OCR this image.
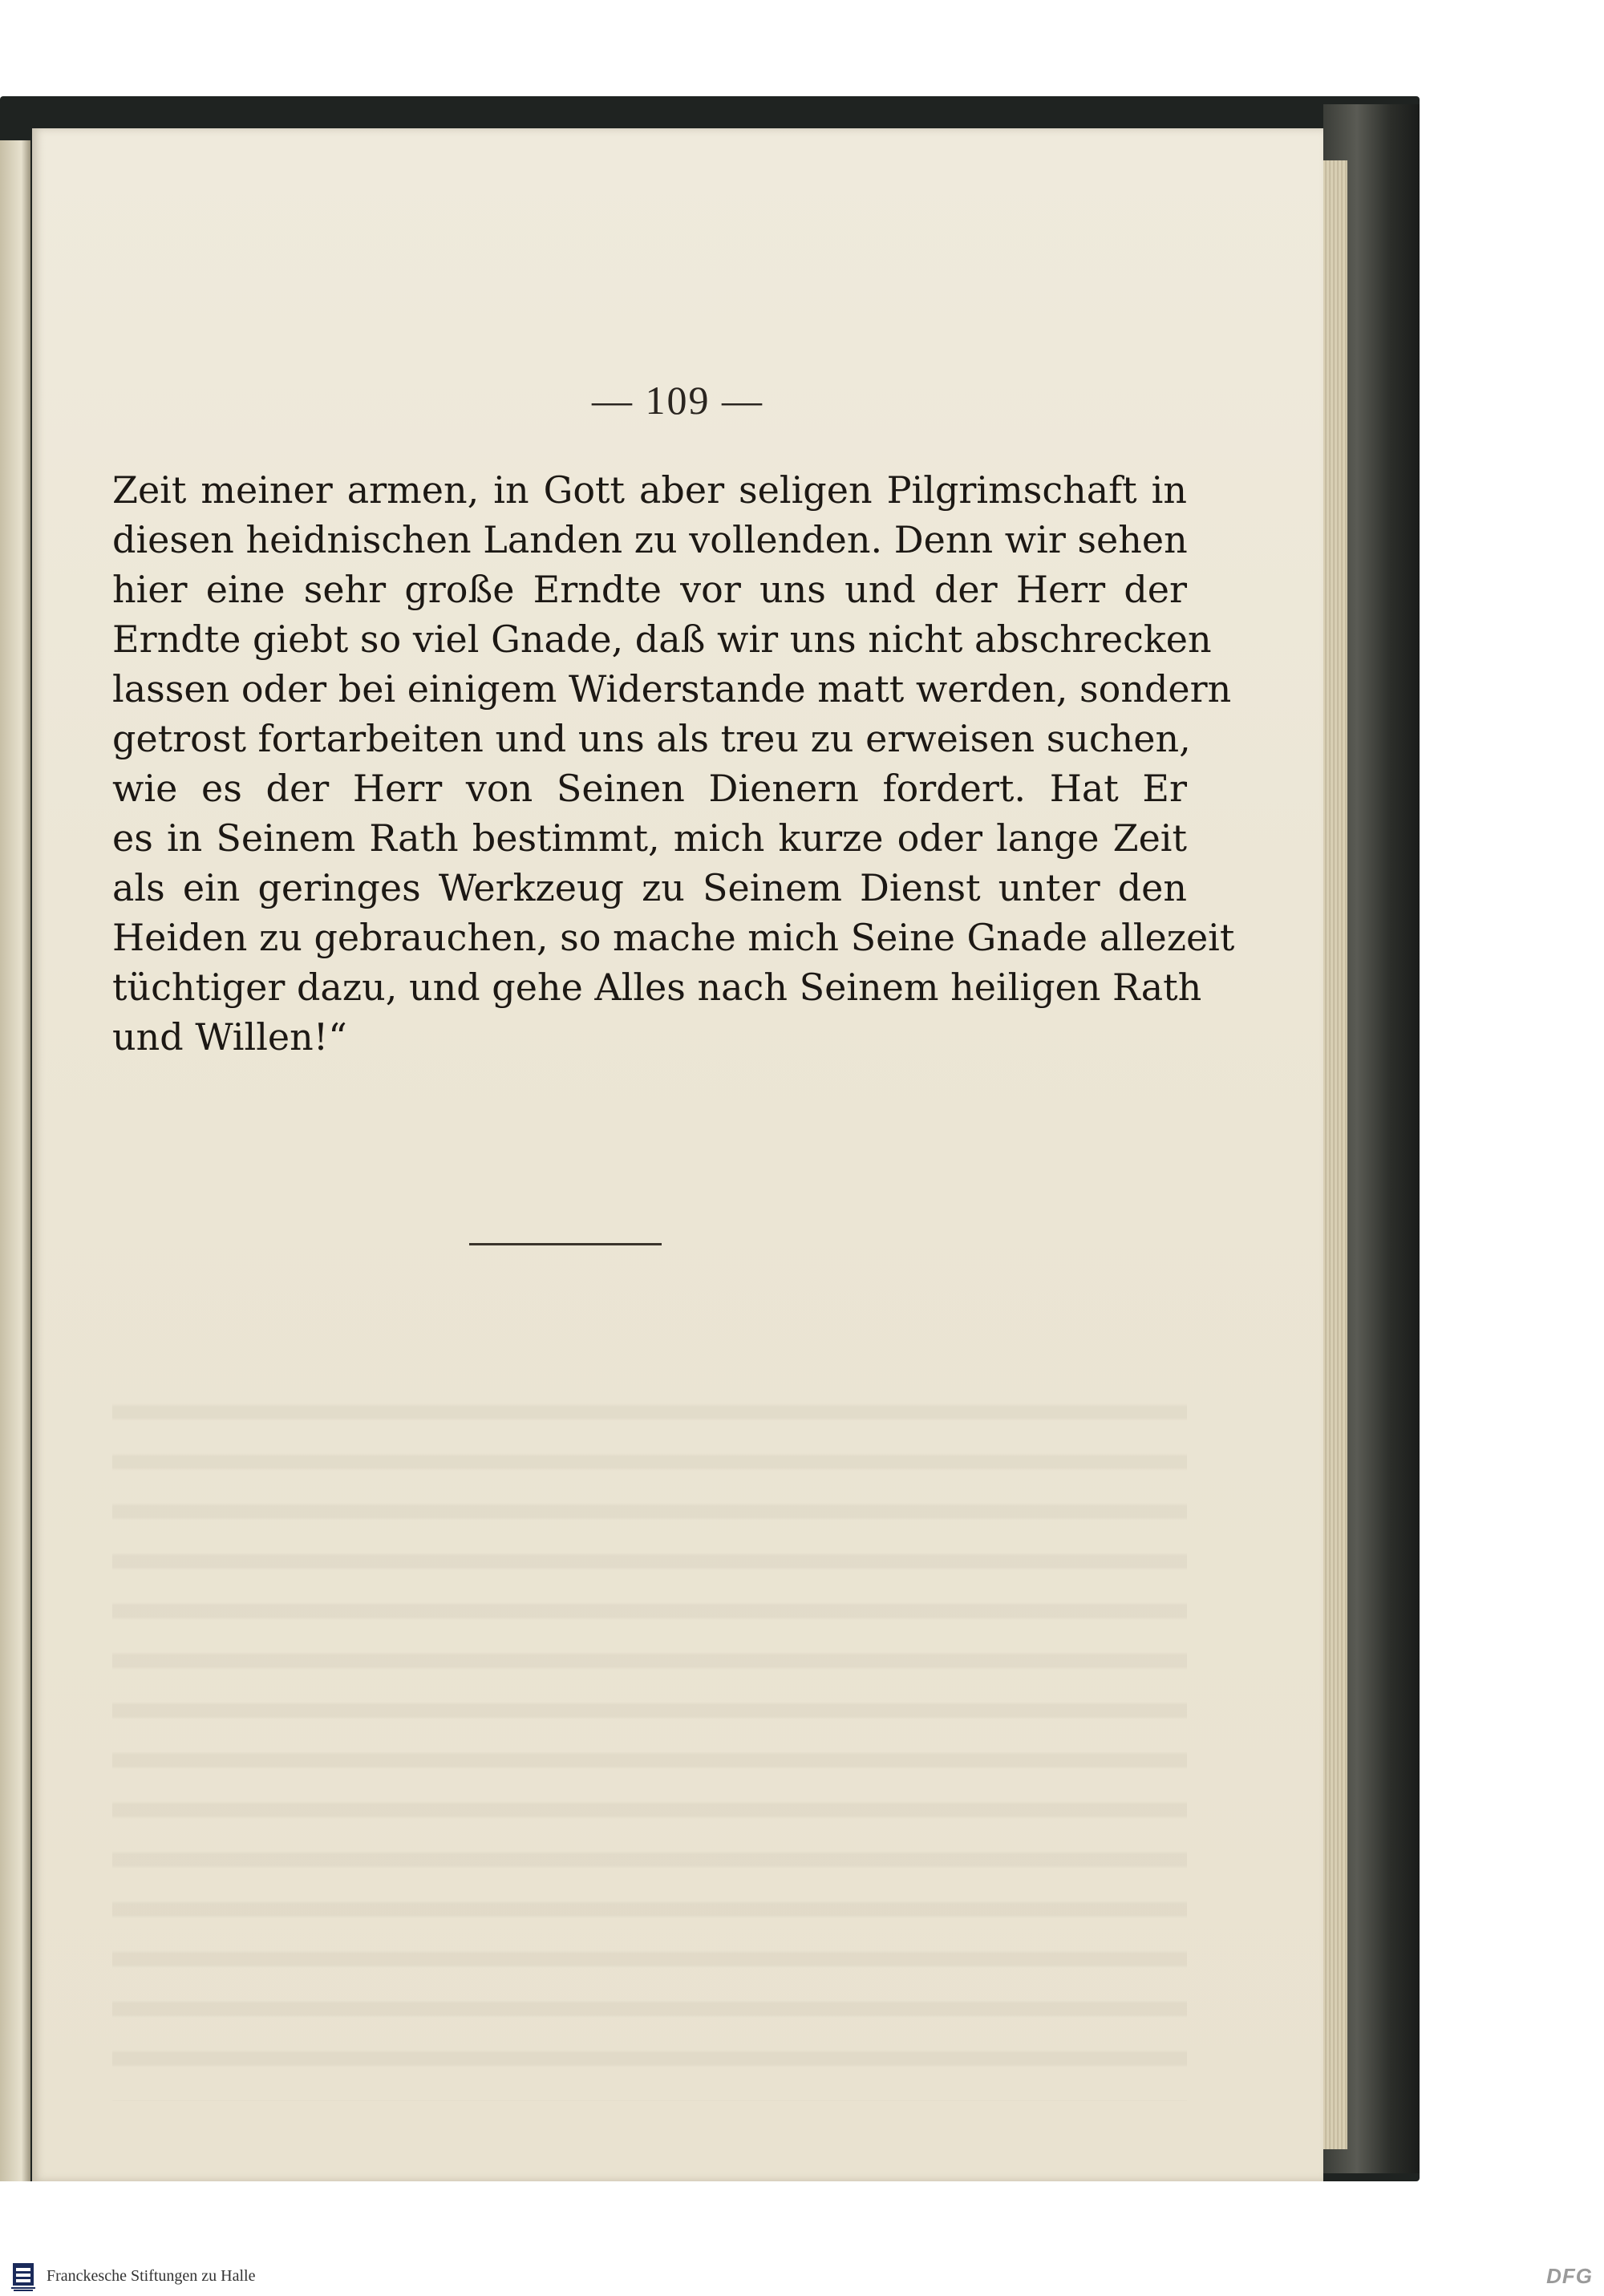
— 109 —
Zeit meiner armen, in Gott aber seligen Pilgrimschaft in
diesen heidnischen Landen zu vollenden. Denn wir sehen
hier eine sehr große Erndte vor uns und der Herr der
Erndte giebt so viel Gnade, daß wir uns nicht abschrecken
lassen oder bei einigem Widerstande matt werden, sondern
getrost fortarbeiten und uns als treu zu erweisen suchen,
wie es der Herr von Seinen Dienern fordert. Hat Er
es in Seinem Rath bestimmt, mich kurze oder lange Zeit
als ein geringes Werkzeug zu Seinem Dienst unter den
Heiden zu gebrauchen, so mache mich Seine Gnade allezeit
tüchtiger dazu, und gehe Alles nach Seinem heiligen Rath
und Willen!“
Franckesche Stiftungen zu Halle	DFG
